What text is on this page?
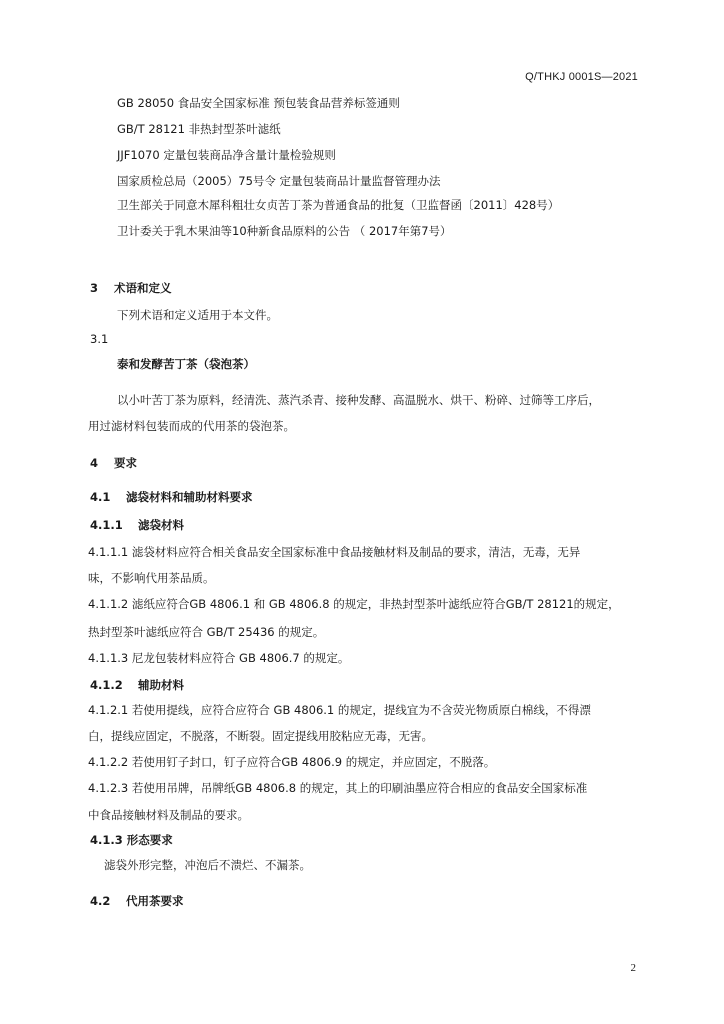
Q/THKJ 0001S—2021
GB 28050 食品安全国家标准 预包装食品营养标签通则
GB/T 28121 非热封型茶叶滤纸
JJF1070 定量包装商品净含量计量检验规则
国家质检总局（2005）75号令 定量包装商品计量监督管理办法
卫生部关于同意木犀科粗壮女贞苦丁茶为普通食品的批复（卫监督函〔2011〕428号）
卫计委关于乳木果油等10种新食品原料的公告 （ 2017年第7号）
3 术语和定义
下列术语和定义适用于本文件。
3.1
泰和发酵苦丁茶（袋泡茶）
以小叶苦丁茶为原料，经清洗、蒸汽杀青、接种发酵、高温脱水、烘干、粉碎、过筛等工序后，
用过滤材料包装而成的代用茶的袋泡茶。
4 要求
4.1 滤袋材料和辅助材料要求
4.1.1 滤袋材料
4.1.1.1 滤袋材料应符合相关食品安全国家标准中食品接触材料及制品的要求，清洁，无毒，无异
味，不影响代用茶品质。
4.1.1.2 滤纸应符合GB 4806.1 和 GB 4806.8 的规定，非热封型茶叶滤纸应符合GB/T 28121的规定，
热封型茶叶滤纸应符合 GB/T 25436 的规定。
4.1.1.3 尼龙包装材料应符合 GB 4806.7 的规定。
4.1.2 辅助材料
4.1.2.1 若使用提线，应符合应符合 GB 4806.1 的规定，提线宜为不含荧光物质原白棉线，不得漂
白，提线应固定，不脱落，不断裂。固定提线用胶粘应无毒，无害。
4.1.2.2 若使用钉子封口，钉子应符合GB 4806.9 的规定，并应固定，不脱落。
4.1.2.3 若使用吊牌，吊牌纸GB 4806.8 的规定，其上的印刷油墨应符合相应的食品安全国家标准
中食品接触材料及制品的要求。
4.1.3 形态要求
滤袋外形完整，冲泡后不溃烂、不漏茶。
4.2 代用茶要求
2
